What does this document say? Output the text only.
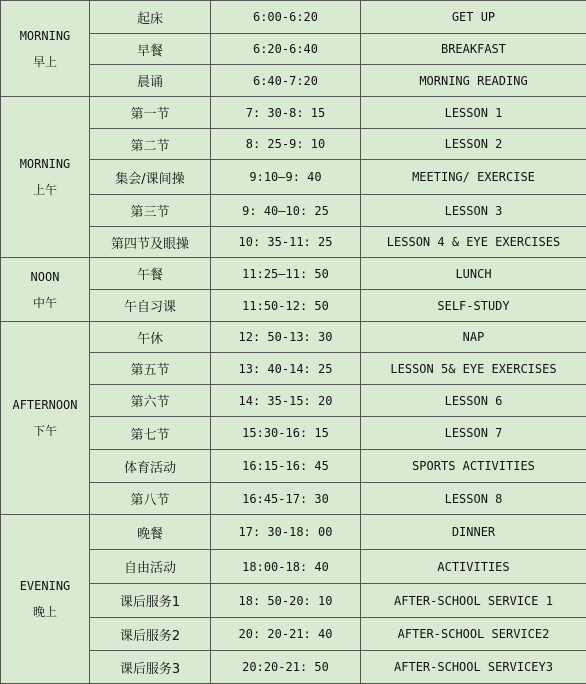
MORNING
早上	起床	6:00-6:20	GET UP
	早餐	6:20-6:40	BREAKFAST
	晨诵	6:40-7:20	MORNING READING

MORNING
上午	第一节	7: 30-8: 15	LESSON 1
	第二节	8: 25-9: 10	LESSON 2
	集会/课间操	9:10—9: 40	MEETING/ EXERCISE
	第三节	9: 40—10: 25	LESSON 3
	第四节及眼操	10: 35-11: 25	LESSON 4 & EYE EXERCISES

NOON
中午	午餐	11:25—11: 50	LUNCH
	午自习课	11:50-12: 50	SELF-STUDY

AFTERNOON
下午	午休	12: 50-13: 30	NAP
	第五节	13: 40-14: 25	LESSON 5& EYE EXERCISES
	第六节	14: 35-15: 20	LESSON 6
	第七节	15:30-16: 15	LESSON 7
	体育活动	16:15-16: 45	SPORTS ACTIVITIES
	第八节	16:45-17: 30	LESSON 8

EVENING
晚上	晚餐	17: 30-18: 00	DINNER
	自由活动	18:00-18: 40	ACTIVITIES
	课后服务1	18: 50-20: 10	AFTER-SCHOOL SERVICE 1
	课后服务2	20: 20-21: 40	AFTER-SCHOOL SERVICE2
	课后服务3	20:20-21: 50	AFTER-SCHOOL SERVICEY3
